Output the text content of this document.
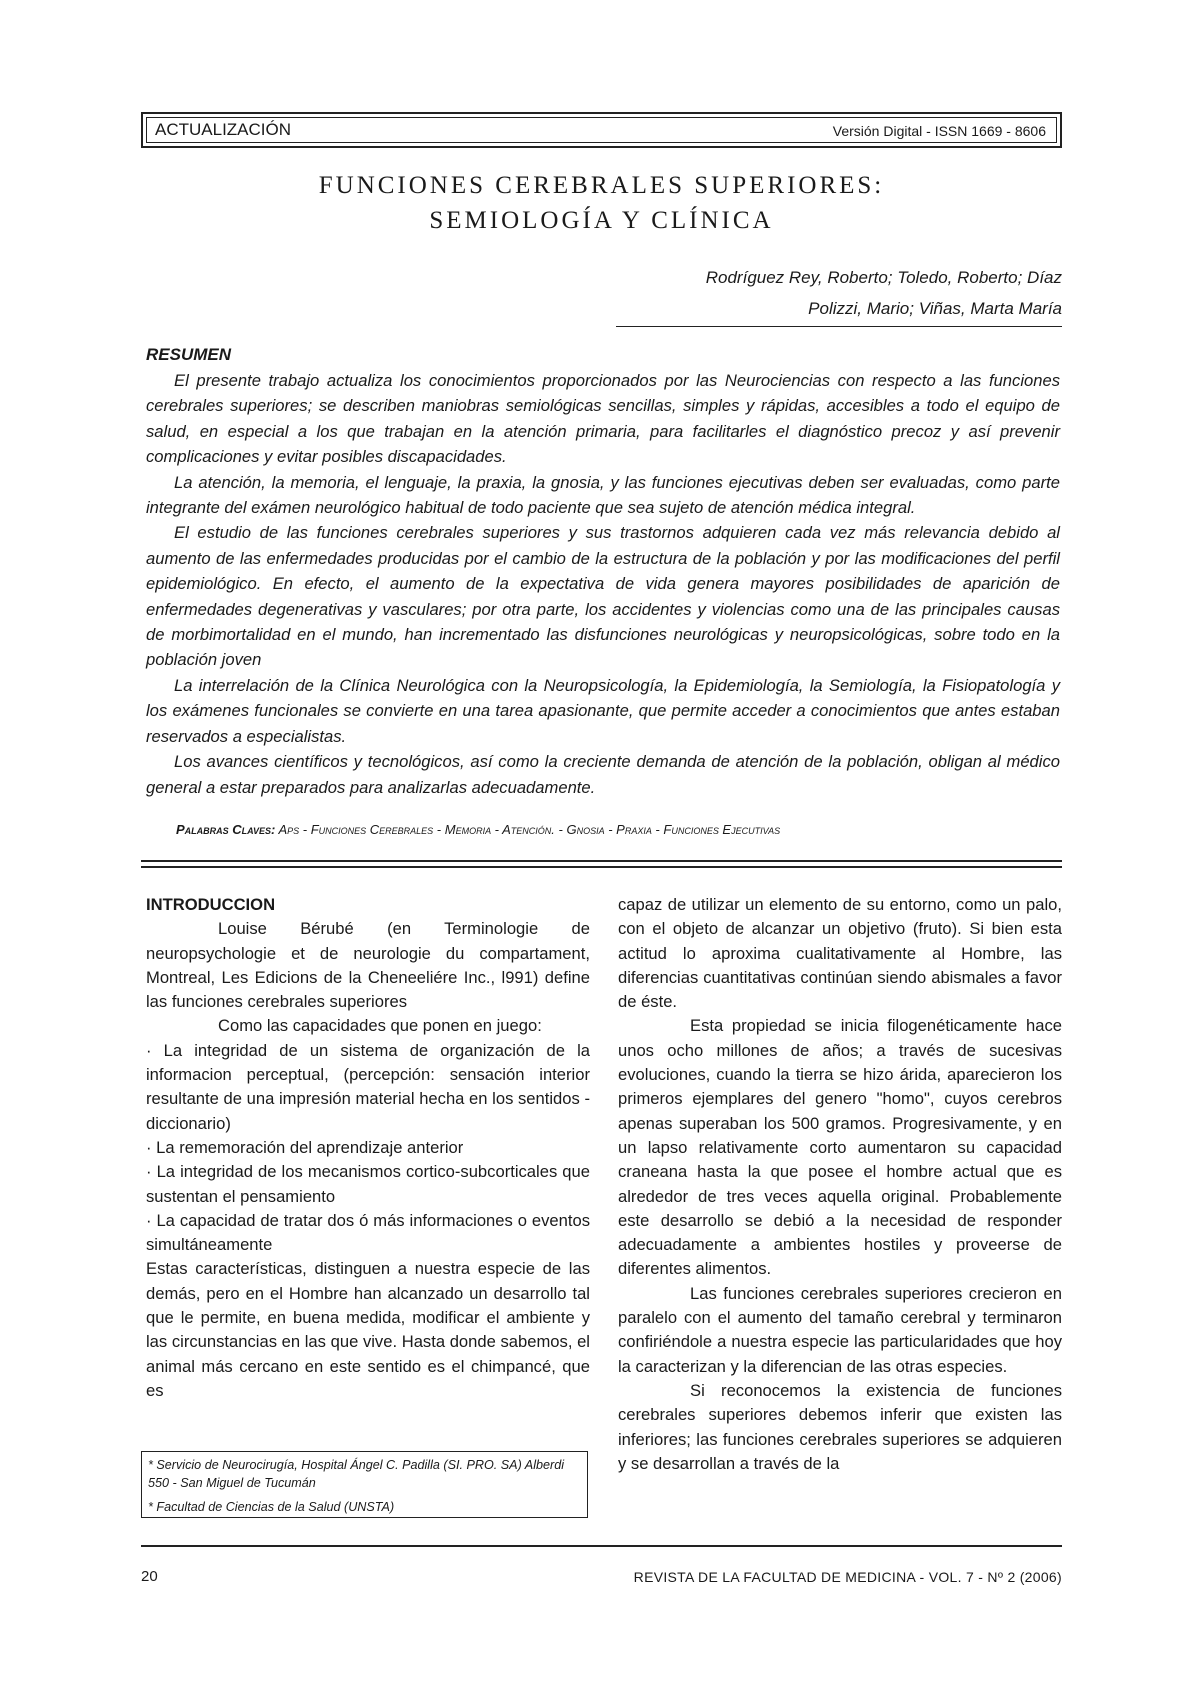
ACTUALIZACIÓN	Versión Digital - ISSN 1669 - 8606
FUNCIONES CEREBRALES SUPERIORES:
SEMIOLOGÍA Y CLÍNICA
Rodríguez Rey, Roberto; Toledo, Roberto; Díaz
Polizzi, Mario; Viñas, Marta María
RESUMEN

El presente trabajo actualiza los conocimientos proporcionados por las Neurociencias con respecto a las funciones cerebrales superiores; se describen maniobras semiológicas sencillas, simples y rápidas, accesibles a todo el equipo de salud, en especial a los que trabajan en la atención primaria, para facilitarles el diagnóstico precoz y así prevenir complicaciones y evitar posibles discapacidades.

La atención, la memoria, el lenguaje, la praxia, la gnosia, y las funciones ejecutivas deben ser evaluadas, como parte integrante del exámen neurológico habitual de todo paciente que sea sujeto de atención médica integral.

El estudio de las funciones cerebrales superiores y sus trastornos adquieren cada vez más relevancia debido al aumento de las enfermedades producidas por el cambio de la estructura de la población y por las modificaciones del perfil epidemiológico. En efecto, el aumento de la expectativa de vida genera mayores posibilidades de aparición de enfermedades degenerativas y vasculares; por otra parte, los accidentes y violencias como una de las principales causas de morbimortalidad en el mundo, han incrementado las disfunciones neurológicas y neuropsicológicas, sobre todo en la población joven

La interrelación de la Clínica Neurológica con la Neuropsicología, la Epidemiología, la Semiología, la Fisiopatología y los exámenes funcionales se convierte en una tarea apasionante, que permite acceder a conocimientos que antes estaban reservados a especialistas.

Los avances científicos y tecnológicos, así como la creciente demanda de atención de la población, obligan al médico general a estar preparados para analizarlas adecuadamente.

Palabras Claves: Aps - Funciones Cerebrales - Memoria - Atención. - Gnosia - Praxia - Funciones Ejecutivas

INTRODUCCION

Louise Bérubé (en Terminologie de neuropsychologie et de neurologie du compartament, Montreal, Les Edicions de la Cheneeliére Inc., l991) define las funciones cerebrales superiores

Como las capacidades que ponen en juego:

· La integridad de un sistema de organización de la informacion perceptual, (percepción: sensación interior resultante de una impresión material hecha en los sentidos - diccionario)

· La rememoración del aprendizaje anterior

· La integridad de los mecanismos cortico-subcorticales que sustentan el pensamiento

· La capacidad de tratar dos ó más informaciones o eventos simultáneamente

Estas características, distinguen a nuestra especie de las demás, pero en el Hombre han alcanzado un desarrollo tal que le permite, en buena medida, modificar el ambiente y las circunstancias en las que vive. Hasta donde sabemos, el animal más cercano en este sentido es el chimpancé, que es

capaz de utilizar un elemento de su entorno, como un palo, con el objeto de alcanzar un objetivo (fruto). Si bien esta actitud lo aproxima cualitativamente al Hombre, las diferencias cuantitativas continúan siendo abismales a favor de éste.

Esta propiedad se inicia filogenéticamente hace unos ocho millones de años; a través de sucesivas evoluciones, cuando la tierra se hizo árida, aparecieron los primeros ejemplares del genero "homo", cuyos cerebros apenas superaban los 500 gramos. Progresivamente, y en un lapso relativamente corto aumentaron su capacidad craneana hasta la que posee el hombre actual que es alrededor de tres veces aquella original. Probablemente este desarrollo se debió a la necesidad de responder adecuadamente a ambientes hostiles y proveerse de diferentes alimentos.

Las funciones cerebrales superiores crecieron en paralelo con el aumento del tamaño cerebral y terminaron confiriéndole a nuestra especie las particularidades que hoy la caracterizan y la diferencian de las otras especies.

Si reconocemos la existencia de funciones cerebrales superiores debemos inferir que existen las inferiores; las funciones cerebrales superiores se adquieren y se desarrollan a través de la

* Servicio de Neurocirugía, Hospital Ángel C. Padilla (SI. PRO. SA) Alberdi 550 - San Miguel de Tucumán
* Facultad de Ciencias de la Salud (UNSTA)
20	REVISTA DE LA FACULTAD DE MEDICINA - VOL. 7 - Nº 2 (2006)
